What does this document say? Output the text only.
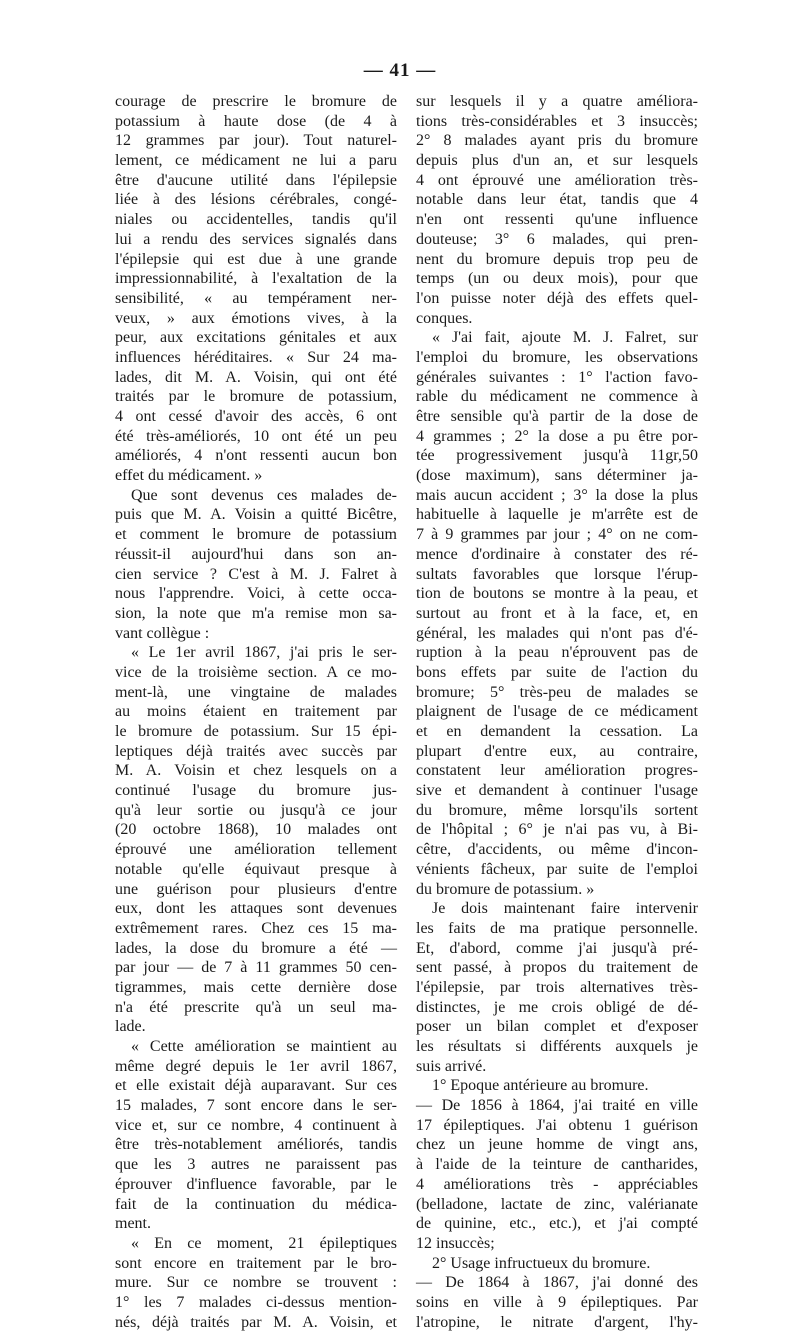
— 41 —
courage de prescrire le bromure de
potassium à haute dose (de 4 à
12 grammes par jour). Tout naturel-
lement, ce médicament ne lui a paru
être d'aucune utilité dans l'épilepsie
liée à des lésions cérébrales, congé-
niales ou accidentelles, tandis qu'il
lui a rendu des services signalés dans
l'épilepsie qui est due à une grande
impressionnabilité, à l'exaltation de la
sensibilité, « au tempérament ner-
veux, » aux émotions vives, à la
peur, aux excitations génitales et aux
influences héréditaires. « Sur 24 ma-
lades, dit M. A. Voisin, qui ont été
traités par le bromure de potassium,
4 ont cessé d'avoir des accès, 6 ont
été très-améliorés, 10 ont été un peu
améliorés, 4 n'ont ressenti aucun bon
effet du médicament. »
Que sont devenus ces malades de-
puis que M. A. Voisin a quitté Bicêtre,
et comment le bromure de potassium
réussit-il aujourd'hui dans son an-
cien service ? C'est à M. J. Falret à
nous l'apprendre. Voici, à cette occa-
sion, la note que m'a remise mon sa-
vant collègue :
« Le 1er avril 1867, j'ai pris le ser-
vice de la troisième section. A ce mo-
ment-là, une vingtaine de malades
au moins étaient en traitement par
le bromure de potassium. Sur 15 épi-
leptiques déjà traités avec succès par
M. A. Voisin et chez lesquels on a
continué l'usage du bromure jus-
qu'à leur sortie ou jusqu'à ce jour
(20 octobre 1868), 10 malades ont
éprouvé une amélioration tellement
notable qu'elle équivaut presque à
une guérison pour plusieurs d'entre
eux, dont les attaques sont devenues
extrêmement rares. Chez ces 15 ma-
lades, la dose du bromure a été —
par jour — de 7 à 11 grammes 50 cen-
tigrammes, mais cette dernière dose
n'a été prescrite qu'à un seul ma-
lade.
« Cette amélioration se maintient au
même degré depuis le 1er avril 1867,
et elle existait déjà auparavant. Sur ces
15 malades, 7 sont encore dans le ser-
vice et, sur ce nombre, 4 continuent à
être très-notablement améliorés, tandis
que les 3 autres ne paraissent pas
éprouver d'influence favorable, par le
fait de la continuation du médica-
ment.
« En ce moment, 21 épileptiques
sont encore en traitement par le bro-
mure. Sur ce nombre se trouvent :
1° les 7 malades ci-dessus mention-
nés, déjà traités par M. A. Voisin, et
sur lesquels il y a quatre améliora-
tions très-considérables et 3 insuccès;
2° 8 malades ayant pris du bromure
depuis plus d'un an, et sur lesquels
4 ont éprouvé une amélioration très-
notable dans leur état, tandis que 4
n'en ont ressenti qu'une influence
douteuse; 3° 6 malades, qui pren-
nent du bromure depuis trop peu de
temps (un ou deux mois), pour que
l'on puisse noter déjà des effets quel-
conques.
« J'ai fait, ajoute M. J. Falret, sur
l'emploi du bromure, les observations
générales suivantes : 1° l'action favo-
rable du médicament ne commence à
être sensible qu'à partir de la dose de
4 grammes ; 2° la dose a pu être por-
tée progressivement jusqu'à 11gr,50
(dose maximum), sans déterminer ja-
mais aucun accident ; 3° la dose la plus
habituelle à laquelle je m'arrête est de
7 à 9 grammes par jour ; 4° on ne com-
mence d'ordinaire à constater des ré-
sultats favorables que lorsque l'érup-
tion de boutons se montre à la peau, et
surtout au front et à la face, et, en
général, les malades qui n'ont pas d'é-
ruption à la peau n'éprouvent pas de
bons effets par suite de l'action du
bromure; 5° très-peu de malades se
plaignent de l'usage de ce médicament
et en demandent la cessation. La
plupart d'entre eux, au contraire,
constatent leur amélioration progres-
sive et demandent à continuer l'usage
du bromure, même lorsqu'ils sortent
de l'hôpital ; 6° je n'ai pas vu, à Bi-
cêtre, d'accidents, ou même d'incon-
vénients fâcheux, par suite de l'emploi
du bromure de potassium. »
Je dois maintenant faire intervenir
les faits de ma pratique personnelle.
Et, d'abord, comme j'ai jusqu'à pré-
sent passé, à propos du traitement de
l'épilepsie, par trois alternatives très-
distinctes, je me crois obligé de dé-
poser un bilan complet et d'exposer
les résultats si différents auxquels je
suis arrivé.
1° Epoque antérieure au bromure.
— De 1856 à 1864, j'ai traité en ville
17 épileptiques. J'ai obtenu 1 guérison
chez un jeune homme de vingt ans,
à l'aide de la teinture de cantharides,
4 améliorations très - appréciables
(belladone, lactate de zinc, valérianate
de quinine, etc., etc.), et j'ai compté
12 insuccès;
2° Usage infructueux du bromure.
— De 1864 à 1867, j'ai donné des
soins en ville à 9 épileptiques. Par
l'atropine, le nitrate d'argent, l'hy-
